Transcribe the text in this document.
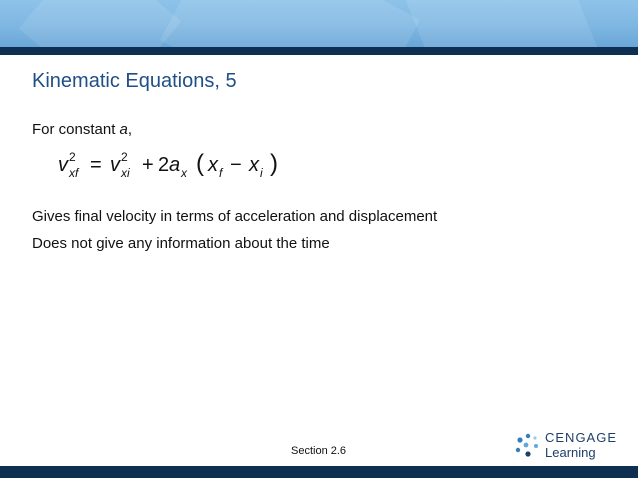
Kinematic Equations, 5
For constant a,
v 2
xf = v 2
xi + 2 a x ( x f − x i )
Gives final velocity in terms of acceleration and displacement
Does not give any information about the time
Section 2.6
CENGAGE
Learning
